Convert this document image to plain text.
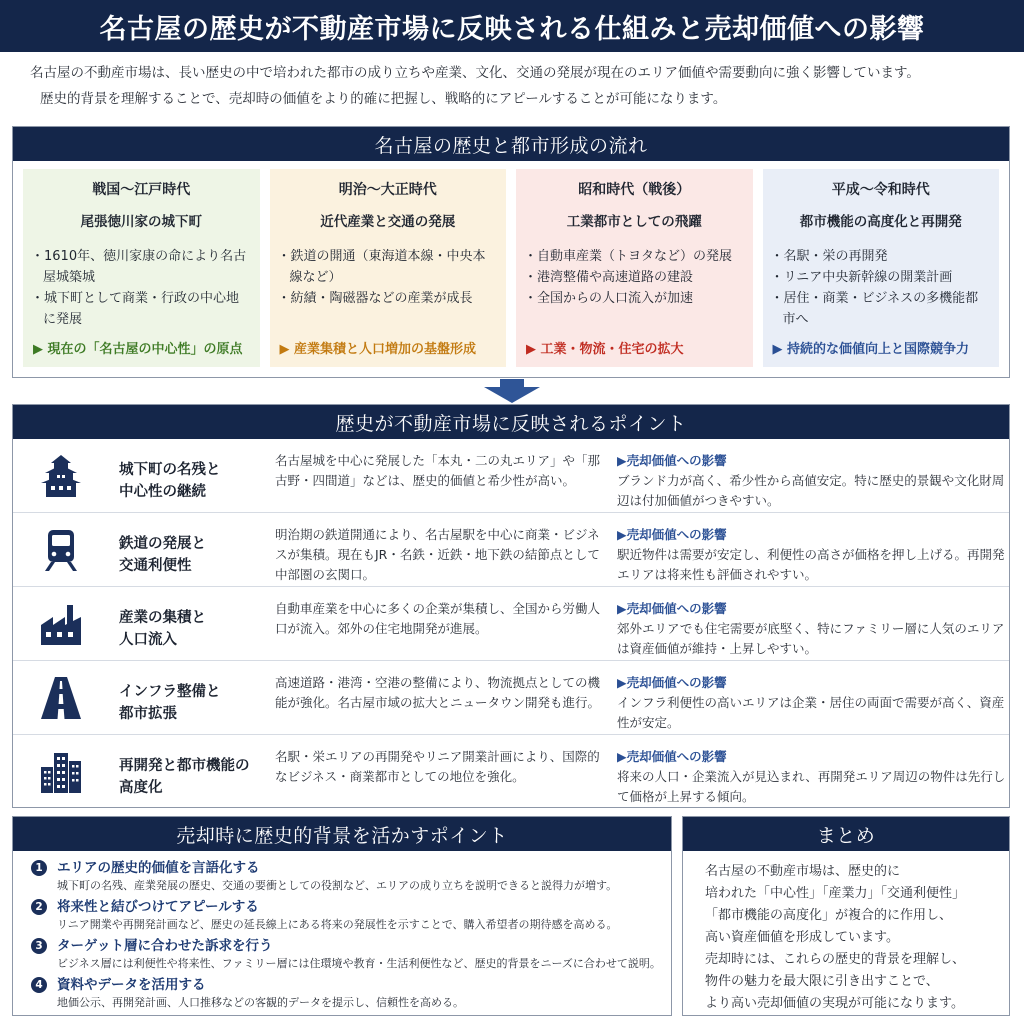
名古屋の歴史が不動産市場に反映される仕組みと売却価値への影響

名古屋の不動産市場は、長い歴史の中で培われた都市の成り立ちや産業、文化、交通の発展が現在のエリア価値や需要動向に強く影響しています。

歴史的背景を理解することで、売却時の価値をより的確に把握し、戦略的にアピールすることが可能になります。

名古屋の歴史と都市形成の流れ
戦国〜江戸時代
尾張徳川家の城下町
・ 1610年、徳川家康の命により名古屋城築城
・ 城下町として商業・行政の中心地に発展
▶ 現在の「名古屋の中心性」の原点
明治〜大正時代
近代産業と交通の発展
・ 鉄道の開通（東海道本線・中央本線など）
・ 紡績・陶磁器などの産業が成長
▶ 産業集積と人口増加の基盤形成
昭和時代（戦後）
工業都市としての飛躍
・ 自動車産業（トヨタなど）の発展
・ 港湾整備や高速道路の建設
・ 全国からの人口流入が加速
▶ 工業・物流・住宅の拡大
平成〜令和時代
都市機能の高度化と再開発
・ 名駅・栄の再開発
・ リニア中央新幹線の開業計画
・ 居住・商業・ビジネスの多機能都市へ
▶ 持続的な価値向上と国際競争力
歴史が不動産市場に反映されるポイント
城下町の名残と
中心性の継続
名古屋城を中心に発展した「本丸・二の丸エリア」や「那古野・四間道」などは、歴史的価値と希少性が高い。
▶ 売却価値への影響
ブランド力が高く、希少性から高値安定。特に歴史的景観や文化財周辺は付加価値がつきやすい。
鉄道の発展と
交通利便性
明治期の鉄道開通により、名古屋駅を中心に商業・ビジネスが集積。現在もJR・名鉄・近鉄・地下鉄の結節点として中部圏の玄関口。
▶ 売却価値への影響
駅近物件は需要が安定し、利便性の高さが価格を押し上げる。再開発エリアは将来性も評価されやすい。
産業の集積と
人口流入
自動車産業を中心に多くの企業が集積し、全国から労働人口が流入。郊外の住宅地開発が進展。
▶ 売却価値への影響
郊外エリアでも住宅需要が底堅く、特にファミリー層に人気のエリアは資産価値が維持・上昇しやすい。
インフラ整備と
都市拡張
高速道路・港湾・空港の整備により、物流拠点としての機能が強化。名古屋市域の拡大とニュータウン開発も進行。
▶ 売却価値への影響
インフラ利便性の高いエリアは企業・居住の両面で需要が高く、資産性が安定。
再開発と都市機能の
高度化
名駅・栄エリアの再開発やリニア開業計画により、国際的なビジネス・商業都市としての地位を強化。
▶ 売却価値への影響
将来の人口・企業流入が見込まれ、再開発エリア周辺の物件は先行して価格が上昇する傾向。
売却時に歴史的背景を活かすポイント
1	エリアの歴史的価値を言語化する
城下町の名残、産業発展の歴史、交通の要衝としての役割など、エリアの成り立ちを説明できると説得力が増す。
2	将来性と結びつけてアピールする
リニア開業や再開発計画など、歴史の延長線上にある将来の発展性を示すことで、購入希望者の期待感を高める。
3	ターゲット層に合わせた訴求を行う
ビジネス層には利便性や将来性、ファミリー層には住環境や教育・生活利便性など、歴史的背景をニーズに合わせて説明。
4	資料やデータを活用する
地価公示、再開発計画、人口推移などの客観的データを提示し、信頼性を高める。
まとめ
名古屋の不動産市場は、歴史的に
培われた「中心性」「産業力」「交通利便性」
「都市機能の高度化」が複合的に作用し、
高い資産価値を形成しています。
売却時には、これらの歴史的背景を理解し、
物件の魅力を最大限に引き出すことで、
より高い売却価値の実現が可能になります。
